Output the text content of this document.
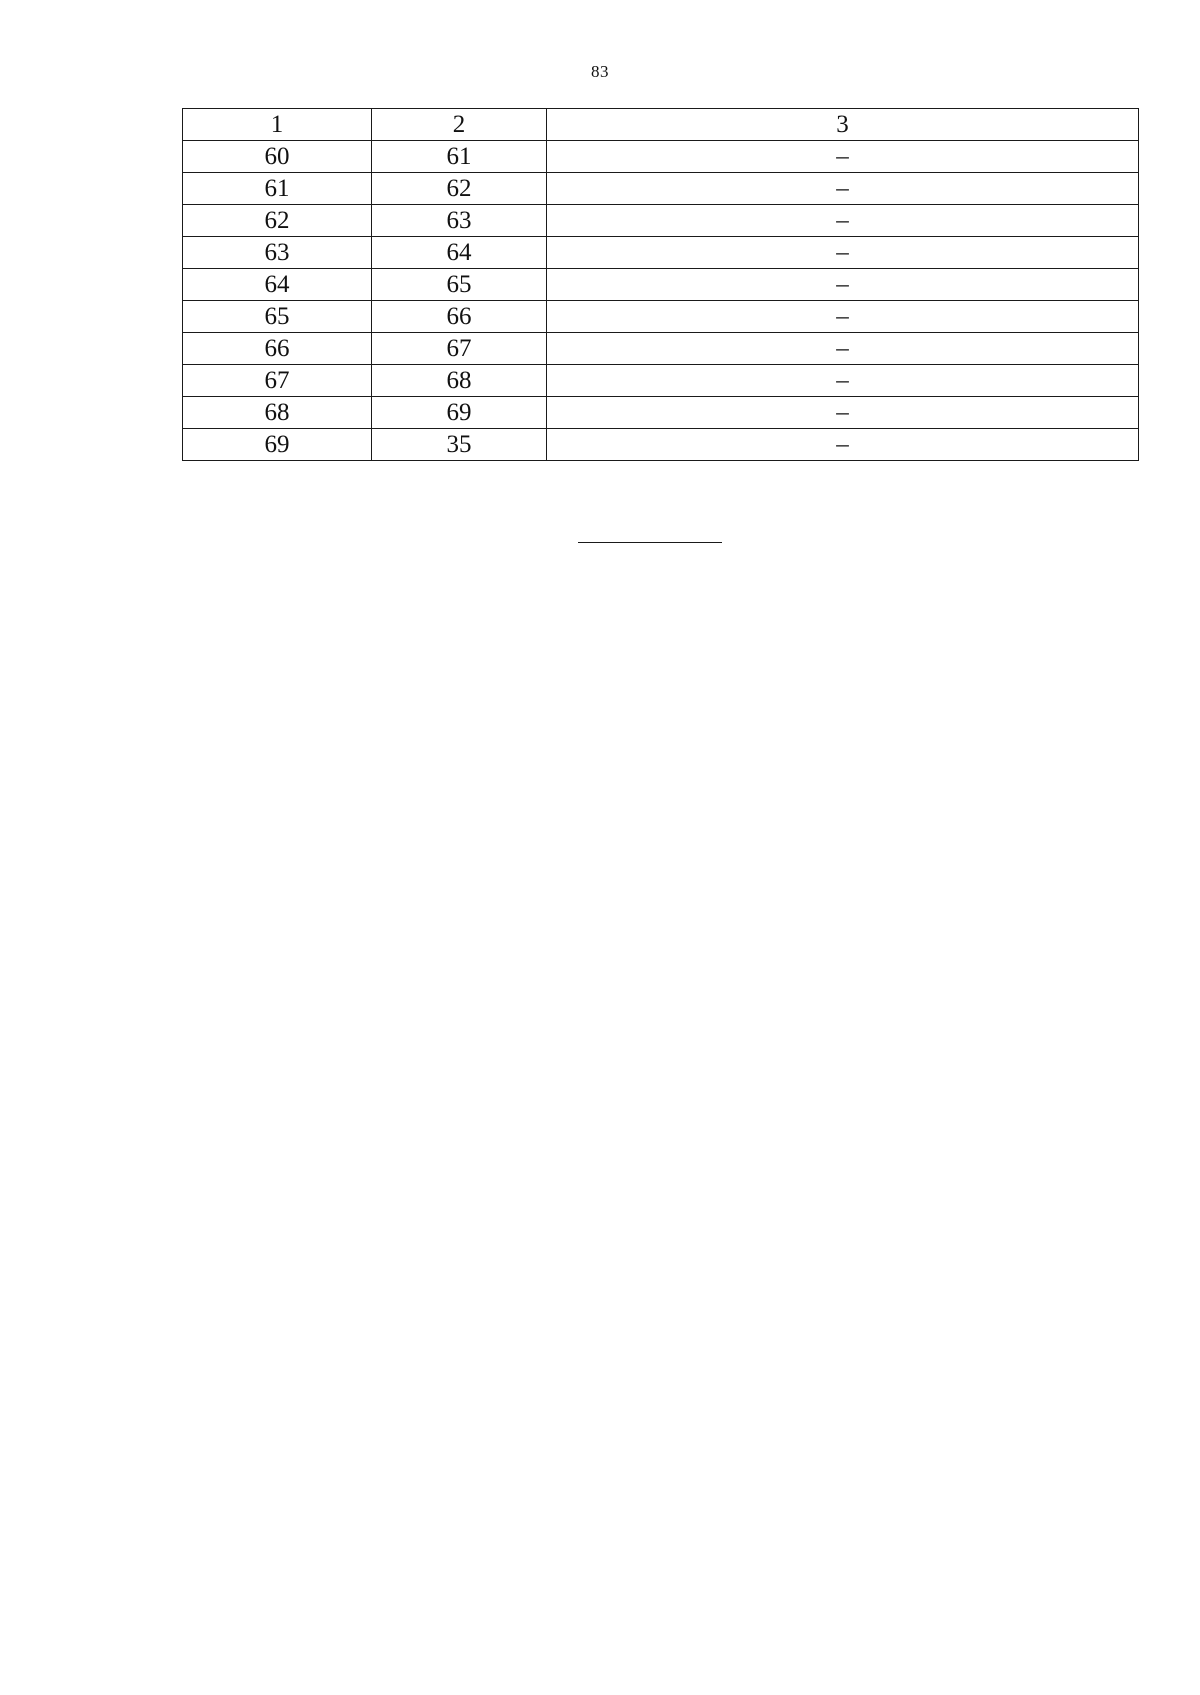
83
1	2	3
60	61	–
61	62	–
62	63	–
63	64	–
64	65	–
65	66	–
66	67	–
67	68	–
68	69	–
69	35	–
